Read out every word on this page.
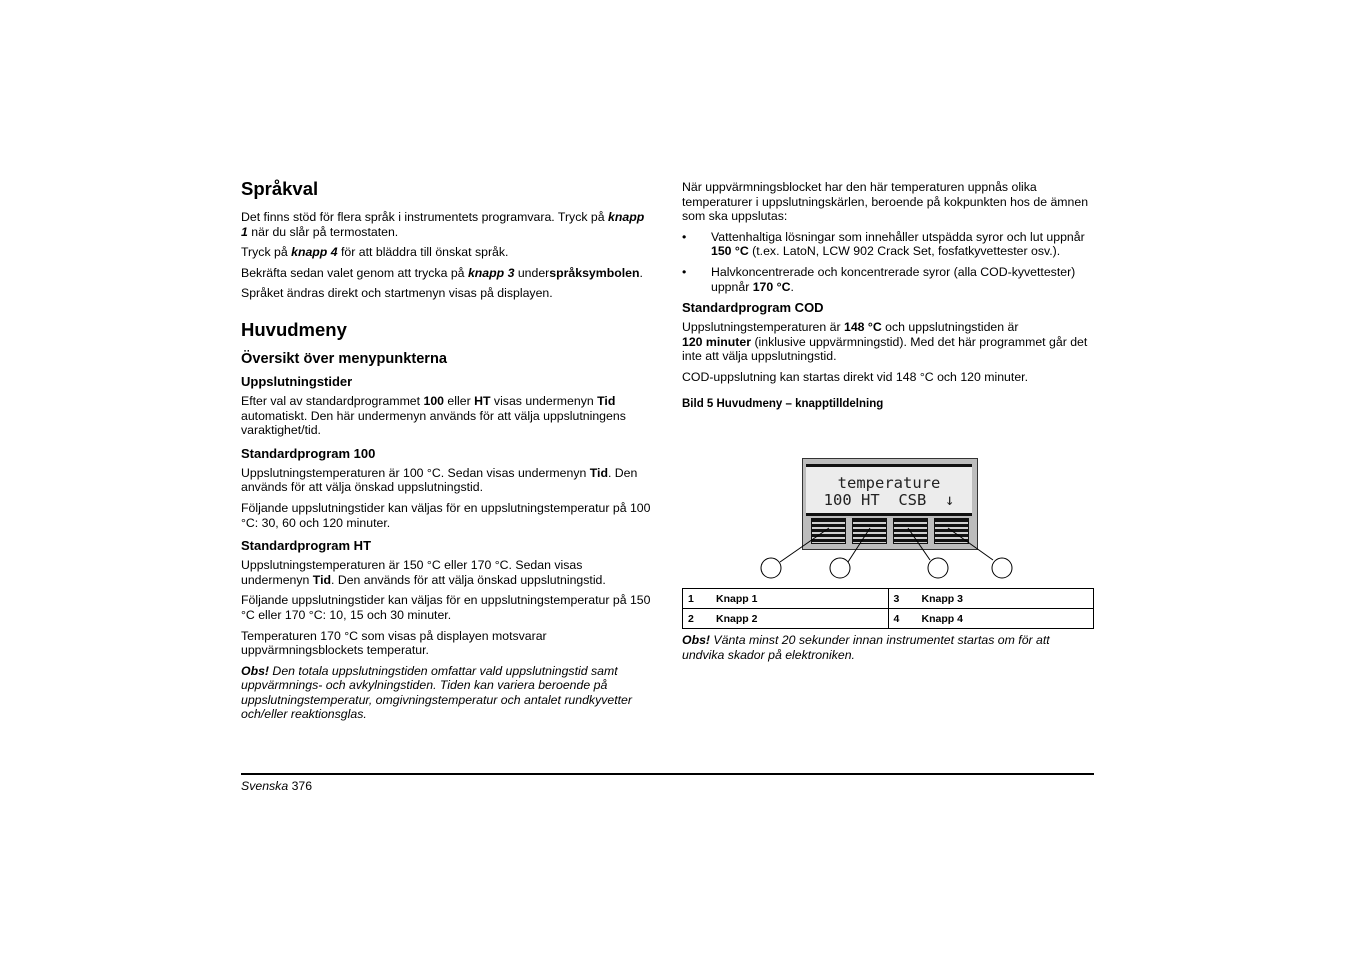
Språkval

Det finns stöd för flera språk i instrumentets programvara. Tryck på knapp 1 när du slår på termostaten.

Tryck på knapp 4 för att bläddra till önskat språk.

Bekräfta sedan valet genom att trycka på knapp 3 underspråksymbolen.

Språket ändras direkt och startmenyn visas på displayen.

Huvudmeny
Översikt över menypunkterna
Uppslutningstider

Efter val av standardprogrammet 100 eller HT visas undermenyn Tid automatiskt. Den här undermenyn används för att välja uppslutningens varaktighet/tid.

Standardprogram 100

Uppslutningstemperaturen är 100 °C. Sedan visas undermenyn Tid. Den används för att välja önskad uppslutningstid.

Följande uppslutningstider kan väljas för en uppslutningstemperatur på 100 °C: 30, 60 och 120 minuter.

Standardprogram HT

Uppslutningstemperaturen är 150 °C eller 170 °C. Sedan visas undermenyn Tid. Den används för att välja önskad uppslutningstid.

Följande uppslutningstider kan väljas för en uppslutningstemperatur på 150 °C eller 170 °C: 10, 15 och 30 minuter.

Temperaturen 170 °C som visas på displayen motsvarar uppvärmningsblockets temperatur.

Obs! Den totala uppslutningstiden omfattar vald uppslutningstid samt uppvärmnings- och avkylningstiden. Tiden kan variera beroende på uppslutningstemperatur, omgivningstemperatur och antalet rundkyvetter och/eller reaktionsglas.

När uppvärmningsblocket har den här temperaturen uppnås olika temperaturer i uppslutningskärlen, beroende på kokpunkten hos de ämnen som ska uppslutas:

• Vattenhaltiga lösningar som innehåller utspädda syror och lut uppnår 150 °C (t.ex. LatoN, LCW 902 Crack Set, fosfatkyvettester osv.).
• Halvkoncentrerade och koncentrerade syror (alla COD-kyvettester) uppnår 170 °C.
Standardprogram COD

Uppslutningstemperaturen är 148 °C och uppslutningstiden är
120 minuter (inklusive uppvärmningstid). Med det här programmet går det inte att välja uppslutningstid.

COD-uppslutning kan startas direkt vid 148 °C och 120 minuter.

Bild 5 Huvudmeny – knapptilldelning

temperature
100 HT  CSB  ↓
1	Knapp 1	3	Knapp 3
2	Knapp 2	4	Knapp 4

Obs! Vänta minst 20 sekunder innan instrumentet startas om för att undvika skador på elektroniken.

Svenska 376
